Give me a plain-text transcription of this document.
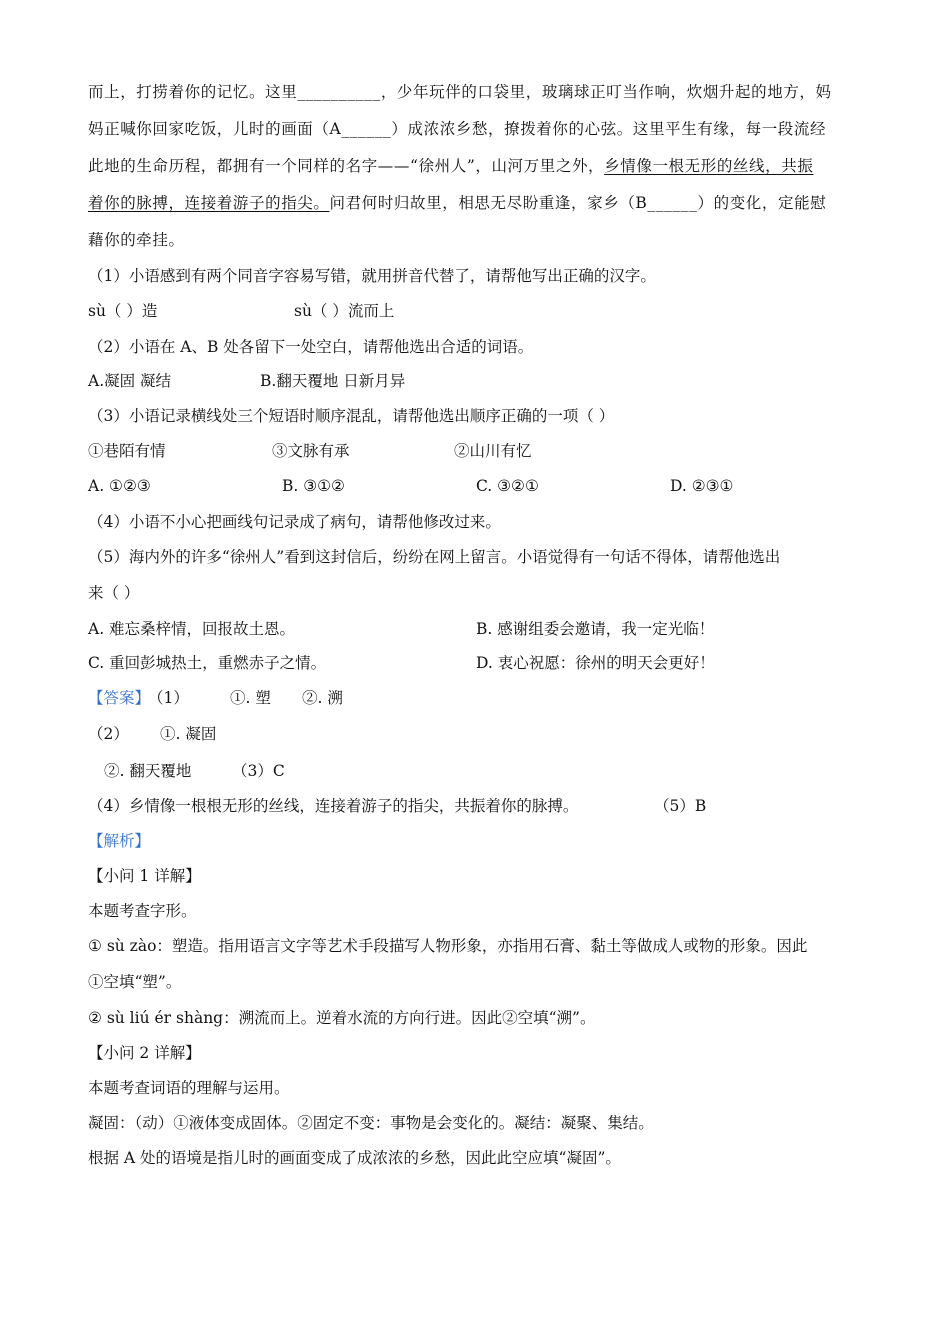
而上，打捞着你的记忆。这里__________，少年玩伴的口袋里，玻璃球正叮当作响，炊烟升起的地方，妈
妈正喊你回家吃饭，儿时的画面（A______）成浓浓乡愁，撩拨着你的心弦。这里平生有缘，每一段流经
此地的生命历程，都拥有一个同样的名字——“徐州人”，山河万里之外，乡情像一根无形的丝线，共振
着你的脉搏，连接着游子的指尖。问君何时归故里，相思无尽盼重逢，家乡（B______）的变化，定能慰
藉你的牵挂。
（1）小语感到有两个同音字容易写错，就用拼音代替了，请帮他写出正确的汉字。
sù（ ）造	sù（ ）流而上
（2）小语在 A、B 处各留下一处空白，请帮他选出合适的词语。
A.凝固 凝结	B.翻天覆地 日新月异
（3）小语记录横线处三个短语时顺序混乱，请帮他选出顺序正确的一项（ ）
①巷陌有情	③文脉有承	②山川有忆
A. ①②③	B. ③①②	C. ③②①	D. ②③①
（4）小语不小心把画线句记录成了病句，请帮他修改过来。
（5）海内外的许多“徐州人”看到这封信后，纷纷在网上留言。小语觉得有一句话不得体，请帮他选出
来（ ）
A. 难忘桑梓情，回报故土恩。	B. 感谢组委会邀请，我一定光临！
C. 重回彭城热土，重燃赤子之情。	D. 衷心祝愿：徐州的明天会更好！
【答案】
（1）	①. 塑 ②. 溯
（2） ①. 凝固
②. 翻天覆地	（3）C
（4）乡情像一根根无形的丝线，连接着游子的指尖，共振着你的脉搏。	（5）B
【解析】
【小问 1 详解】
本题考查字形。
① sù zào：塑造。指用语言文字等艺术手段描写人物形象，亦指用石膏、黏土等做成人或物的形象。因此
①空填“塑”。
② sù liú ér shàng：溯流而上。逆着水流的方向行进。因此②空填“溯”。
【小问 2 详解】
本题考查词语的理解与运用。
凝固：（动）①液体变成固体。②固定不变：事物是会变化的。凝结：凝聚、集结。
根据 A 处的语境是指儿时的画面变成了成浓浓的乡愁，因此此空应填“凝固”。
